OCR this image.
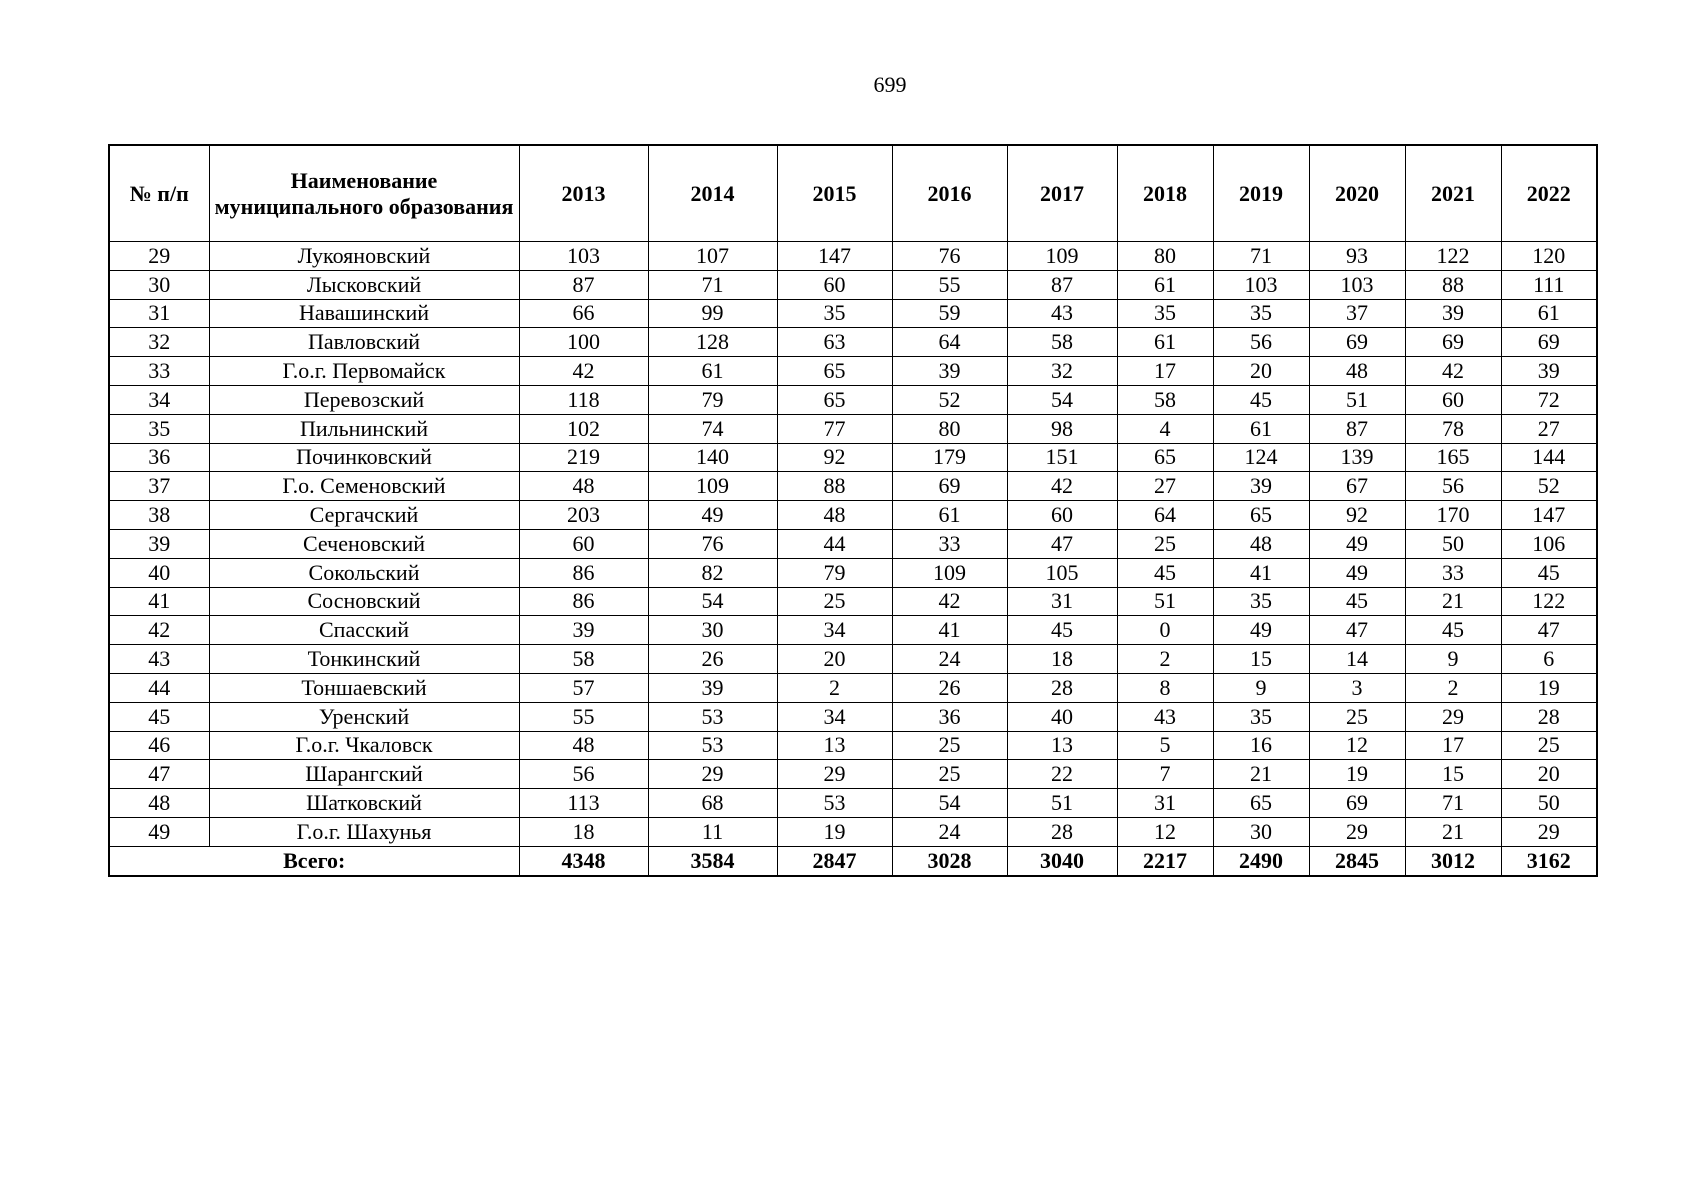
699
№ п/п	Наименование муниципального образования	2013	2014	2015	2016	2017	2018	2019	2020	2021	2022
29	Лукояновский	103	107	147	76	109	80	71	93	122	120
30	Лысковский	87	71	60	55	87	61	103	103	88	111
31	Навашинский	66	99	35	59	43	35	35	37	39	61
32	Павловский	100	128	63	64	58	61	56	69	69	69
33	Г.о.г. Первомайск	42	61	65	39	32	17	20	48	42	39
34	Перевозский	118	79	65	52	54	58	45	51	60	72
35	Пильнинский	102	74	77	80	98	4	61	87	78	27
36	Починковский	219	140	92	179	151	65	124	139	165	144
37	Г.о. Семеновский	48	109	88	69	42	27	39	67	56	52
38	Сергачский	203	49	48	61	60	64	65	92	170	147
39	Сеченовский	60	76	44	33	47	25	48	49	50	106
40	Сокольский	86	82	79	109	105	45	41	49	33	45
41	Сосновский	86	54	25	42	31	51	35	45	21	122
42	Спасский	39	30	34	41	45	0	49	47	45	47
43	Тонкинский	58	26	20	24	18	2	15	14	9	6
44	Тоншаевский	57	39	2	26	28	8	9	3	2	19
45	Уренский	55	53	34	36	40	43	35	25	29	28
46	Г.о.г. Чкаловск	48	53	13	25	13	5	16	12	17	25
47	Шарангский	56	29	29	25	22	7	21	19	15	20
48	Шатковский	113	68	53	54	51	31	65	69	71	50
49	Г.о.г. Шахунья	18	11	19	24	28	12	30	29	21	29
Всего:		4348	3584	2847	3028	3040	2217	2490	2845	3012	3162
